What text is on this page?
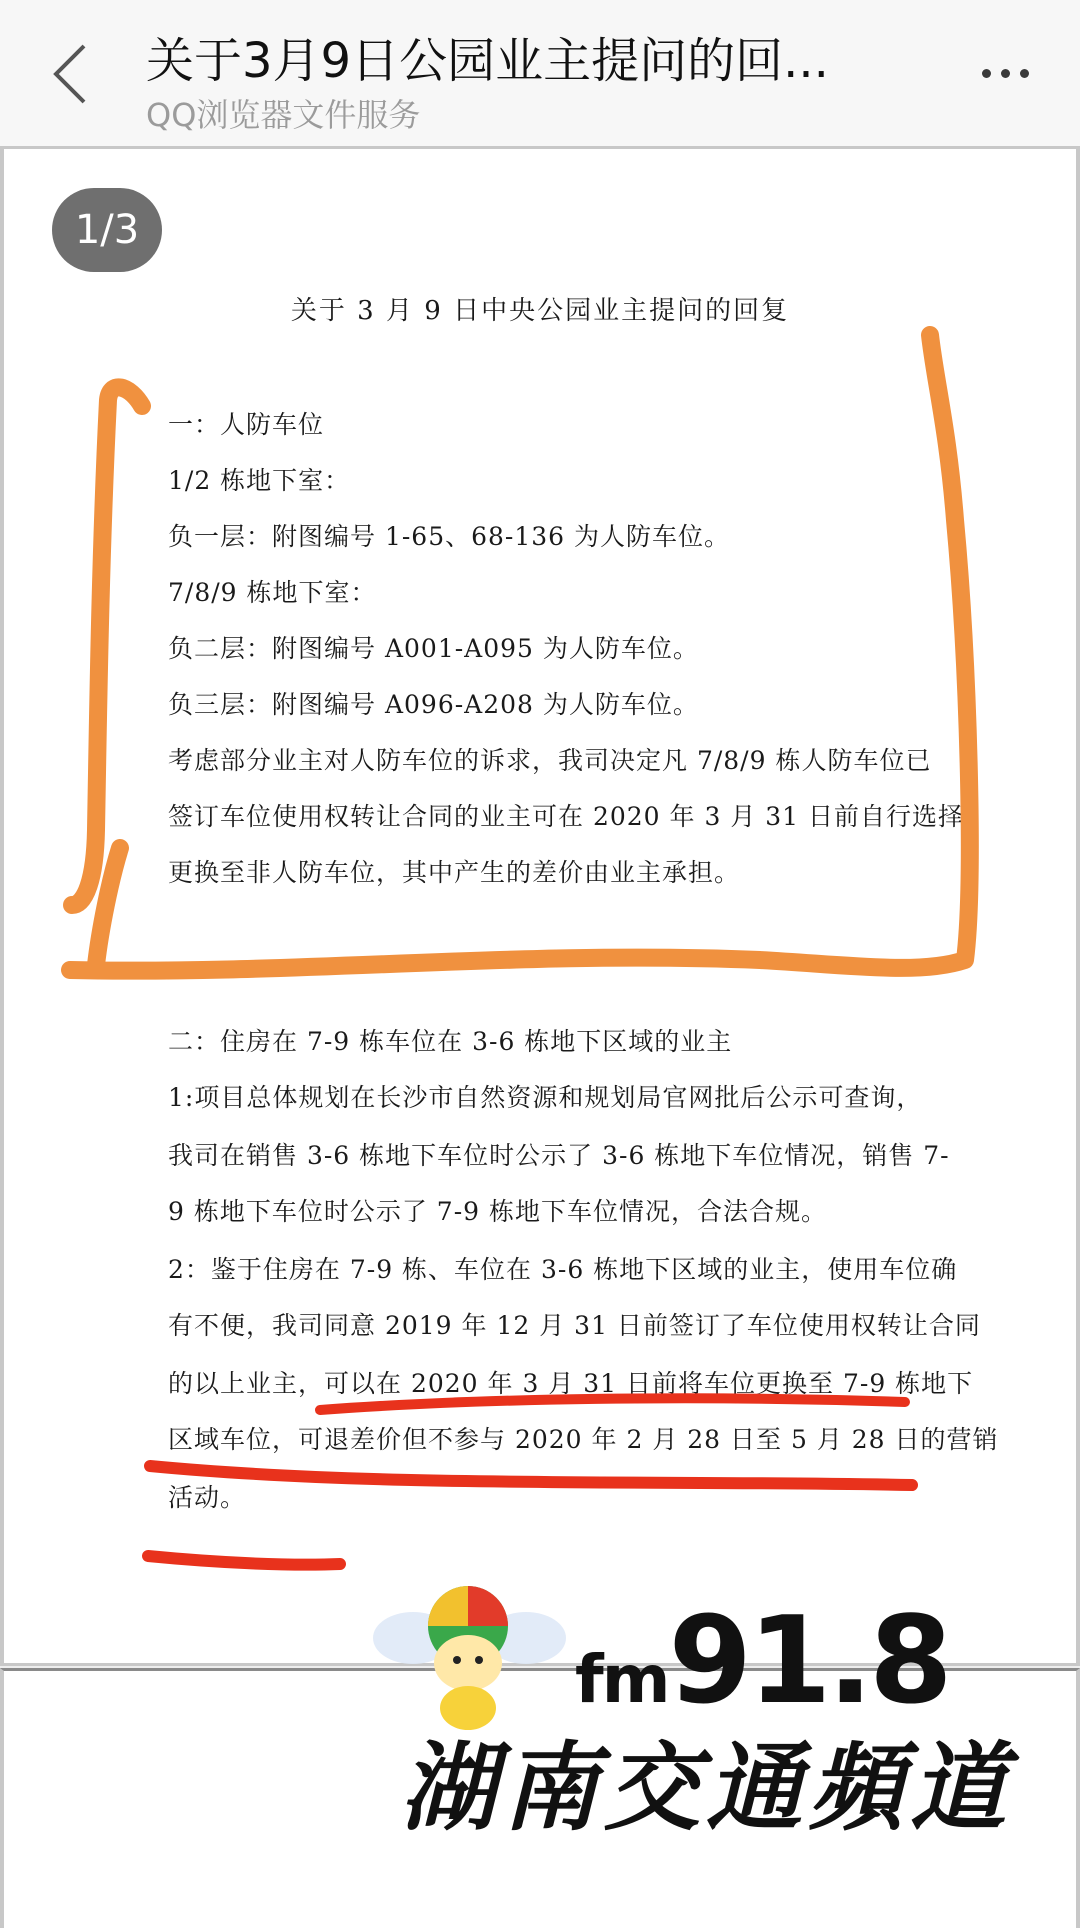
关于3月9日公园业主提问的回...
QQ浏览器文件服务
1/3
关于 3 月 9 日中央公园业主提问的回复
一：人防车位
1/2 栋地下室：
负一层：附图编号 1-65、68-136 为人防车位。
7/8/9 栋地下室：
负二层：附图编号 A001-A095 为人防车位。
负三层：附图编号 A096-A208 为人防车位。
考虑部分业主对人防车位的诉求，我司决定凡 7/8/9 栋人防车位已
签订车位使用权转让合同的业主可在 2020 年 3 月 31 日前自行选择
更换至非人防车位，其中产生的差价由业主承担。
二：住房在 7-9 栋车位在 3-6 栋地下区域的业主
1:项目总体规划在长沙市自然资源和规划局官网批后公示可查询，
我司在销售 3-6 栋地下车位时公示了 3-6 栋地下车位情况，销售 7-
9 栋地下车位时公示了 7-9 栋地下车位情况，合法合规。
2：鉴于住房在 7-9 栋、车位在 3-6 栋地下区域的业主，使用车位确
有不便，我司同意 2019 年 12 月 31 日前签订了车位使用权转让合同
的以上业主，可以在 2020 年 3 月 31 日前将车位更换至 7-9 栋地下
区域车位，可退差价但不参与 2020 年 2 月 28 日至 5 月 28 日的营销
活动。
fm91.8
湖南交通頻道
